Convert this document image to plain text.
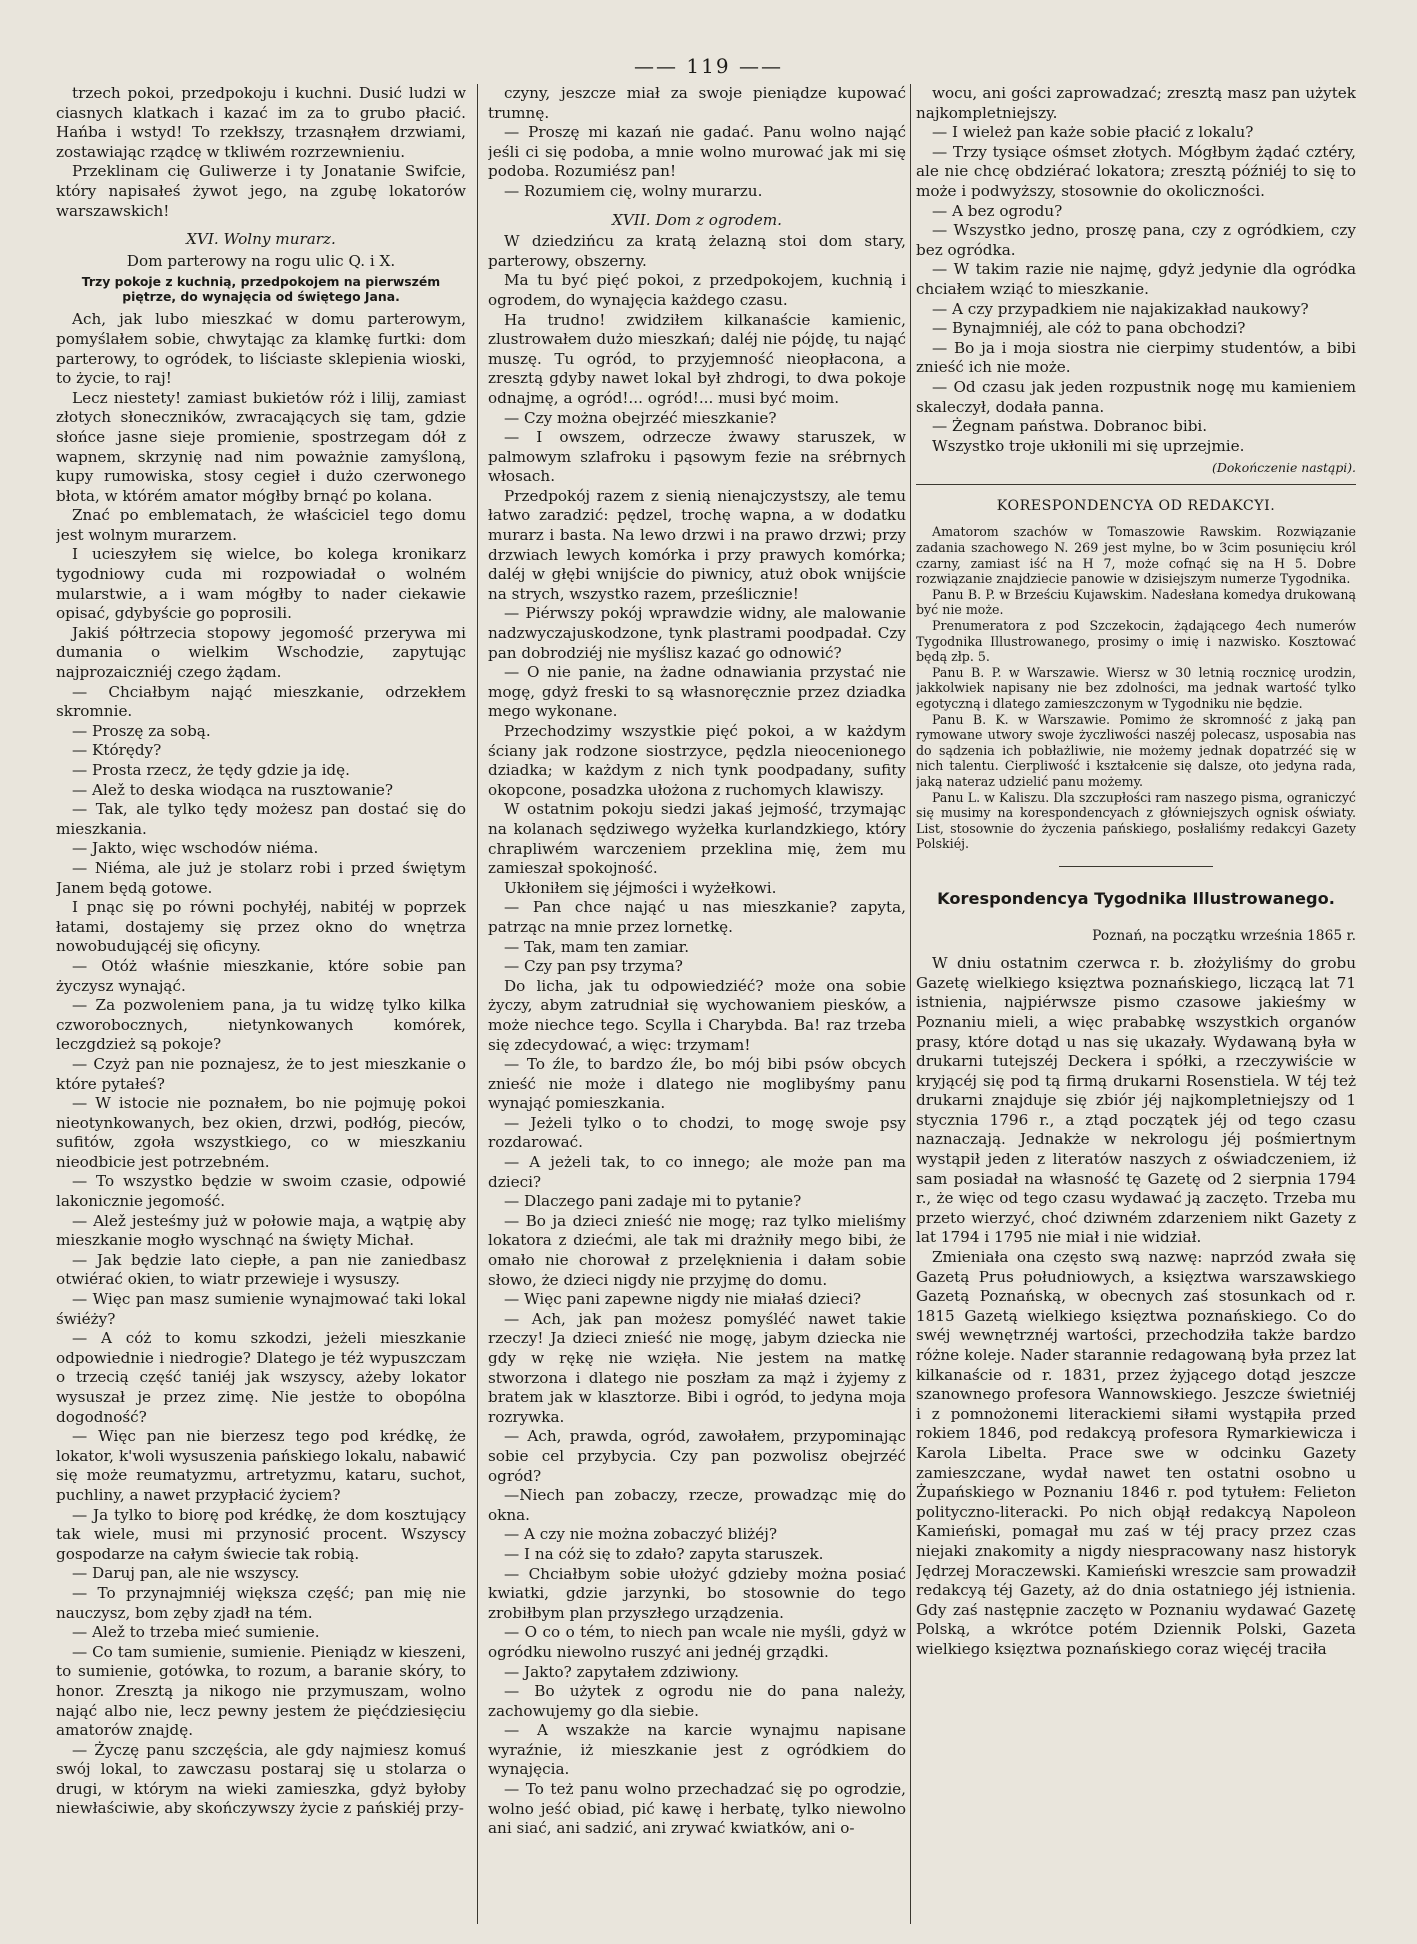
—— 119 ——

trzech pokoi, przedpokoju i kuchni. Dusić ludzi w ciasnych klatkach i kazać im za to grubo płacić. Hańba i wstyd! To rzekłszy, trzasnąłem drzwiami, zostawiając rządcę w tkliwém rozrzewnieniu.

Przeklinam cię Guliwerze i ty Jonatanie Swifcie, który napisałeś żywot jego, na zgubę lokatorów warszawskich!

XVI. Wolny murarz.

Dom parterowy na rogu ulic Q. i X.

Trzy pokoje z kuchnią, przedpokojem na pierwszém piętrze, do wynajęcia od świętego Jana.

Ach, jak lubo mieszkać w domu parterowym, pomyślałem sobie, chwytając za klamkę furtki: dom parterowy, to ogródek, to liściaste sklepienia wioski, to życie, to raj!

Lecz niestety! zamiast bukietów róż i lilij, zamiast złotych słoneczników, zwracających się tam, gdzie słońce jasne sieje promienie, spostrzegam dół z wapnem, skrzynię nad nim poważnie zamyśloną, kupy rumowiska, stosy cegieł i dużo czerwonego błota, w którém amator mógłby brnąć po kolana.

Znać po emblematach, że właściciel tego domu jest wolnym murarzem.

I ucieszyłem się wielce, bo kolega kronikarz tygodniowy cuda mi rozpowiadał o wolném mularstwie, a i wam mógłby to nader ciekawie opisać, gdybyście go poprosili.

Jakiś półtrzecia stopowy jegomość przerywa mi dumania o wielkim Wschodzie, zapytując najprozaiczniéj czego żądam.

— Chciałbym nająć mieszkanie, odrzekłem skromnie.

— Proszę za sobą.

— Którędy?

— Prosta rzecz, że tędy gdzie ja idę.

— Alež to deska wiodąca na rusztowanie?

— Tak, ale tylko tędy możesz pan dostać się do mieszkania.

— Jakto, więc wschodów niéma.

— Niéma, ale już je stolarz robi i przed świętym Janem będą gotowe.

I pnąc się po równi pochyłéj, nabitéj w poprzek łatami, dostajemy się przez okno do wnętrza nowobudującéj się oficyny.

— Otóż właśnie mieszkanie, które sobie pan życzysz wynająć.

— Za pozwoleniem pana, ja tu widzę tylko kilka czworobocznych, nietynkowanych komórek, leczgdzież są pokoje?

— Czyż pan nie poznajesz, że to jest mieszkanie o które pytałeś?

— W istocie nie poznałem, bo nie pojmuję pokoi nieotynkowanych, bez okien, drzwi, podłóg, pieców, sufitów, zgoła wszystkiego, co w mieszkaniu nieodbicie jest potrzebném.

— To wszystko będzie w swoim czasie, odpowié lakonicznie jegomość.

— Alež jesteśmy już w połowie maja, a wątpię aby mieszkanie mogło wyschnąć na święty Michał.

— Jak będzie lato ciepłe, a pan nie zaniedbasz otwiérać okien, to wiatr przewieje i wysuszy.

— Więc pan masz sumienie wynajmować taki lokal świéży?

— A cóż to komu szkodzi, jeżeli mieszkanie odpowiednie i niedrogie? Dlatego je téż wypuszczam o trzecią część taniéj jak wszyscy, ażeby lokator wysuszał je przez zimę. Nie jestże to obopólna dogodność?

— Więc pan nie bierzesz tego pod krédkę, że lokator, k'woli wysuszenia pańskiego lokalu, nabawić się może reumatyzmu, artretyzmu, kataru, suchot, puchliny, a nawet przypłacić życiem?

— Ja tylko to biorę pod krédkę, że dom kosztujący tak wiele, musi mi przynosić procent. Wszyscy gospodarze na całym świecie tak robią.

— Daruj pan, ale nie wszyscy.

— To przynajmniéj większa część; pan mię nie nauczysz, bom zęby zjadł na tém.

— Alež to trzeba mieć sumienie.

— Co tam sumienie, sumienie. Pieniądz w kieszeni, to sumienie, gotówka, to rozum, a baranie skóry, to honor. Zresztą ja nikogo nie przymuszam, wolno nająć albo nie, lecz pewny jestem że pięćdziesięciu amatorów znajdę.

— Życzę panu szczęścia, ale gdy najmiesz komuś swój lokal, to zawczasu postaraj się u stolarza o drugi, w którym na wieki zamieszka, gdyż byłoby niewłaściwie, aby skończywszy życie z pańskiéj przy-

czyny, jeszcze miał za swoje pieniądze kupować trumnę.

— Proszę mi kazań nie gadać. Panu wolno nająć jeśli ci się podoba, a mnie wolno murować jak mi się podoba. Rozumiész pan!

— Rozumiem cię, wolny murarzu.

XVII. Dom z ogrodem.

W dziedzińcu za kratą żelazną stoi dom stary, parterowy, obszerny.

Ma tu być pięć pokoi, z przedpokojem, kuchnią i ogrodem, do wynajęcia każdego czasu.

Ha trudno! zwidziłem kilkanaście kamienic, zlustrowałem dużo mieszkań; daléj nie pójdę, tu nająć muszę. Tu ogród, to przyjemność nieopłacona, a zresztą gdyby nawet lokal był zhdrogi, to dwa pokoje odnajmę, a ogród!... ogród!... musi być moim.

— Czy można obejrzéć mieszkanie?

— I owszem, odrzecze żwawy staruszek, w palmowym szlafroku i pąsowym fezie na srébrnych włosach.

Przedpokój razem z sienią nienajczystszy, ale temu łatwo zaradzić: pędzel, trochę wapna, a w dodatku murarz i basta. Na lewo drzwi i na prawo drzwi; przy drzwiach lewych komórka i przy prawych komórka; daléj w głębi wnijście do piwnicy, atuż obok wnijście na strych, wszystko razem, prześlicznie!

— Piérwszy pokój wprawdzie widny, ale malowanie nadzwyczajuskodzone, tynk plastrami poodpadał. Czy pan dobrodziéj nie myślisz kazać go odnowić?

— O nie panie, na żadne odnawiania przystać nie mogę, gdyż freski to są własnoręcznie przez dziadka mego wykonane.

Przechodzimy wszystkie pięć pokoi, a w każdym ściany jak rodzone siostrzyce, pędzla nieocenionego dziadka; w każdym z nich tynk poodpadany, sufity okopcone, posadzka ułożona z ruchomych klawiszy.

W ostatnim pokoju siedzi jakaś jejmość, trzymając na kolanach sędziwego wyżełka kurlandzkiego, który chrapliwém warczeniem przeklina mię, żem mu zamieszał spokojność.

Ukłoniłem się jéjmości i wyżełkowi.

— Pan chce nająć u nas mieszkanie? zapyta, patrząc na mnie przez lornetkę.

— Tak, mam ten zamiar.

— Czy pan psy trzyma?

Do licha, jak tu odpowiedziéć? może ona sobie życzy, abym zatrudniał się wychowaniem piesków, a może niechce tego. Scylla i Charybda. Ba! raz trzeba się zdecydować, a więc: trzymam!

— To źle, to bardzo źle, bo mój bibi psów obcych znieść nie może i dlatego nie moglibyśmy panu wynająć pomieszkania.

— Jeżeli tylko o to chodzi, to mogę swoje psy rozdarować.

— A jeżeli tak, to co innego; ale może pan ma dzieci?

— Dlaczego pani zadaje mi to pytanie?

— Bo ja dzieci znieść nie mogę; raz tylko mieliśmy lokatora z dziećmi, ale tak mi drażniły mego bibi, że omało nie chorował z przelęknienia i dałam sobie słowo, że dzieci nigdy nie przyjmę do domu.

— Więc pani zapewne nigdy nie miałaś dzieci?

— Ach, jak pan możesz pomyśléć nawet takie rzeczy! Ja dzieci znieść nie mogę, jabym dziecka nie gdy w rękę nie wzięła. Nie jestem na matkę stworzona i dlatego nie poszłam za mąż i żyjemy z bratem jak w klasztorze. Bibi i ogród, to jedyna moja rozrywka.

— Ach, prawda, ogród, zawołałem, przypominając sobie cel przybycia. Czy pan pozwolisz obejrzéć ogród?

—Niech pan zobaczy, rzecze, prowadząc mię do okna.

— A czy nie można zobaczyć bliżéj?

— I na cóż się to zdało? zapyta staruszek.

— Chciałbym sobie ułożyć gdzieby można posiać kwiatki, gdzie jarzynki, bo stosownie do tego zrobiłbym plan przyszłego urządzenia.

— O co o tém, to niech pan wcale nie myśli, gdyż w ogródku niewolno ruszyć ani jednéj grządki.

— Jakto? zapytałem zdziwiony.

— Bo użytek z ogrodu nie do pana należy, zachowujemy go dla siebie.

— A wszakże na karcie wynajmu napisane wyraźnie, iż mieszkanie jest z ogródkiem do wynajęcia.

— To też panu wolno przechadzać się po ogrodzie, wolno jeść obiad, pić kawę i herbatę, tylko niewolno ani siać, ani sadzić, ani zrywać kwiatków, ani o-

wocu, ani gości zaprowadzać; zresztą masz pan użytek najkompletniejszy.

— I wieleż pan każe sobie płacić z lokalu?

— Trzy tysiące ośmset złotych. Mógłbym żądać cztéry, ale nie chcę obdziérać lokatora; zresztą późniéj to się to może i podwyższy, stosownie do okoliczności.

— A bez ogrodu?

— Wszystko jedno, proszę pana, czy z ogródkiem, czy bez ogródka.

— W takim razie nie najmę, gdyż jedynie dla ogródka chciałem wziąć to mieszkanie.

— A czy przypadkiem nie najakizakład naukowy?

— Bynajmniéj, ale cóż to pana obchodzi?

— Bo ja i moja siostra nie cierpimy studentów, a bibi znieść ich nie może.

— Od czasu jak jeden rozpustnik nogę mu kamieniem skaleczył, dodała panna.

— Żegnam państwa. Dobranoc bibi.

Wszystko troje ukłonili mi się uprzejmie.

(Dokończenie nastąpi).

KORESPONDENCYA OD REDAKCYI.

Amatorom szachów w Tomaszowie Rawskim. Rozwiązanie zadania szachowego N. 269 jest mylne, bo w 3cim posunięciu król czarny, zamiast iść na H 7, może cofnąć się na H 5. Dobre rozwiązanie znajdziecie panowie w dzisiejszym numerze Tygodnika.

Panu B. P. w Brześciu Kujawskim. Nadesłana komedya drukowaną być nie może.

Prenumeratora z pod Szczekocin, żądającego 4ech numerów Tygodnika Illustrowanego, prosimy o imię i nazwisko. Kosztować będą złp. 5.

Panu B. P. w Warszawie. Wiersz w 30 letnią rocznicę urodzin, jakkolwiek napisany nie bez zdolności, ma jednak wartość tylko egotyczną i dlatego zamieszczonym w Tygodniku nie będzie.

Panu B. K. w Warszawie. Pomimo że skromność z jaką pan rymowane utwory swoje życzliwości naszéj polecasz, usposabia nas do sądzenia ich pobłażliwie, nie możemy jednak dopatrzéć się w nich talentu. Cierpliwość i kształcenie się dalsze, oto jedyna rada, jaką nateraz udzielić panu możemy.

Panu L. w Kaliszu. Dla szczupłości ram naszego pisma, ograniczyć się musimy na korespondencyach z główniejszych ognisk oświaty. List, stosownie do życzenia pańskiego, posłaliśmy redakcyi Gazety Polskiéj.

Korespondencya Tygodnika Illustrowanego.

Poznań, na początku września 1865 r.

W dniu ostatnim czerwca r. b. złożyliśmy do grobu Gazetę wielkiego księztwa poznańskiego, liczącą lat 71 istnienia, najpiérwsze pismo czasowe jakieśmy w Poznaniu mieli, a więc prababkę wszystkich organów prasy, które dotąd u nas się ukazały. Wydawaną była w drukarni tutejszéj Deckera i spółki, a rzeczywiście w kryjącéj się pod tą firmą drukarni Rosenstiela. W téj też drukarni znajduje się zbiór jéj najkompletniejszy od 1 stycznia 1796 r., a ztąd początek jéj od tego czasu naznaczają. Jednakże w nekrologu jéj pośmiertnym wystąpił jeden z literatów naszych z oświadczeniem, iż sam posiadał na własność tę Gazetę od 2 sierpnia 1794 r., że więc od tego czasu wydawać ją zaczęto. Trzeba mu przeto wierzyć, choć dziwném zdarzeniem nikt Gazety z lat 1794 i 1795 nie miał i nie widział.

Zmieniała ona często swą nazwę: naprzód zwała się Gazetą Prus południowych, a księztwa warszawskiego Gazetą Poznańską, w obecnych zaś stosunkach od r. 1815 Gazetą wielkiego księztwa poznańskiego. Co do swéj wewnętrznéj wartości, przechodziła także bardzo różne koleje. Nader starannie redagowaną była przez lat kilkanaście od r. 1831, przez żyjącego dotąd jeszcze szanownego profesora Wannowskiego. Jeszcze świetniéj i z pomnożonemi literackiemi siłami wystąpiła przed rokiem 1846, pod redakcyą profesora Rymarkiewicza i Karola Libelta. Prace swe w odcinku Gazety zamieszczane, wydał nawet ten ostatni osobno u Żupańskiego w Poznaniu 1846 r. pod tytułem: Felieton polityczno-literacki. Po nich objął redakcyą Napoleon Kamieński, pomagał mu zaś w téj pracy przez czas niejaki znakomity a nigdy niespracowany nasz historyk Jędrzej Moraczewski. Kamieński wreszcie sam prowadził redakcyą téj Gazety, aż do dnia ostatniego jéj istnienia. Gdy zaś następnie zaczęto w Poznaniu wydawać Gazetę Polską, a wkrótce potém Dziennik Polski, Gazeta wielkiego księztwa poznańskiego coraz więcéj traciła
